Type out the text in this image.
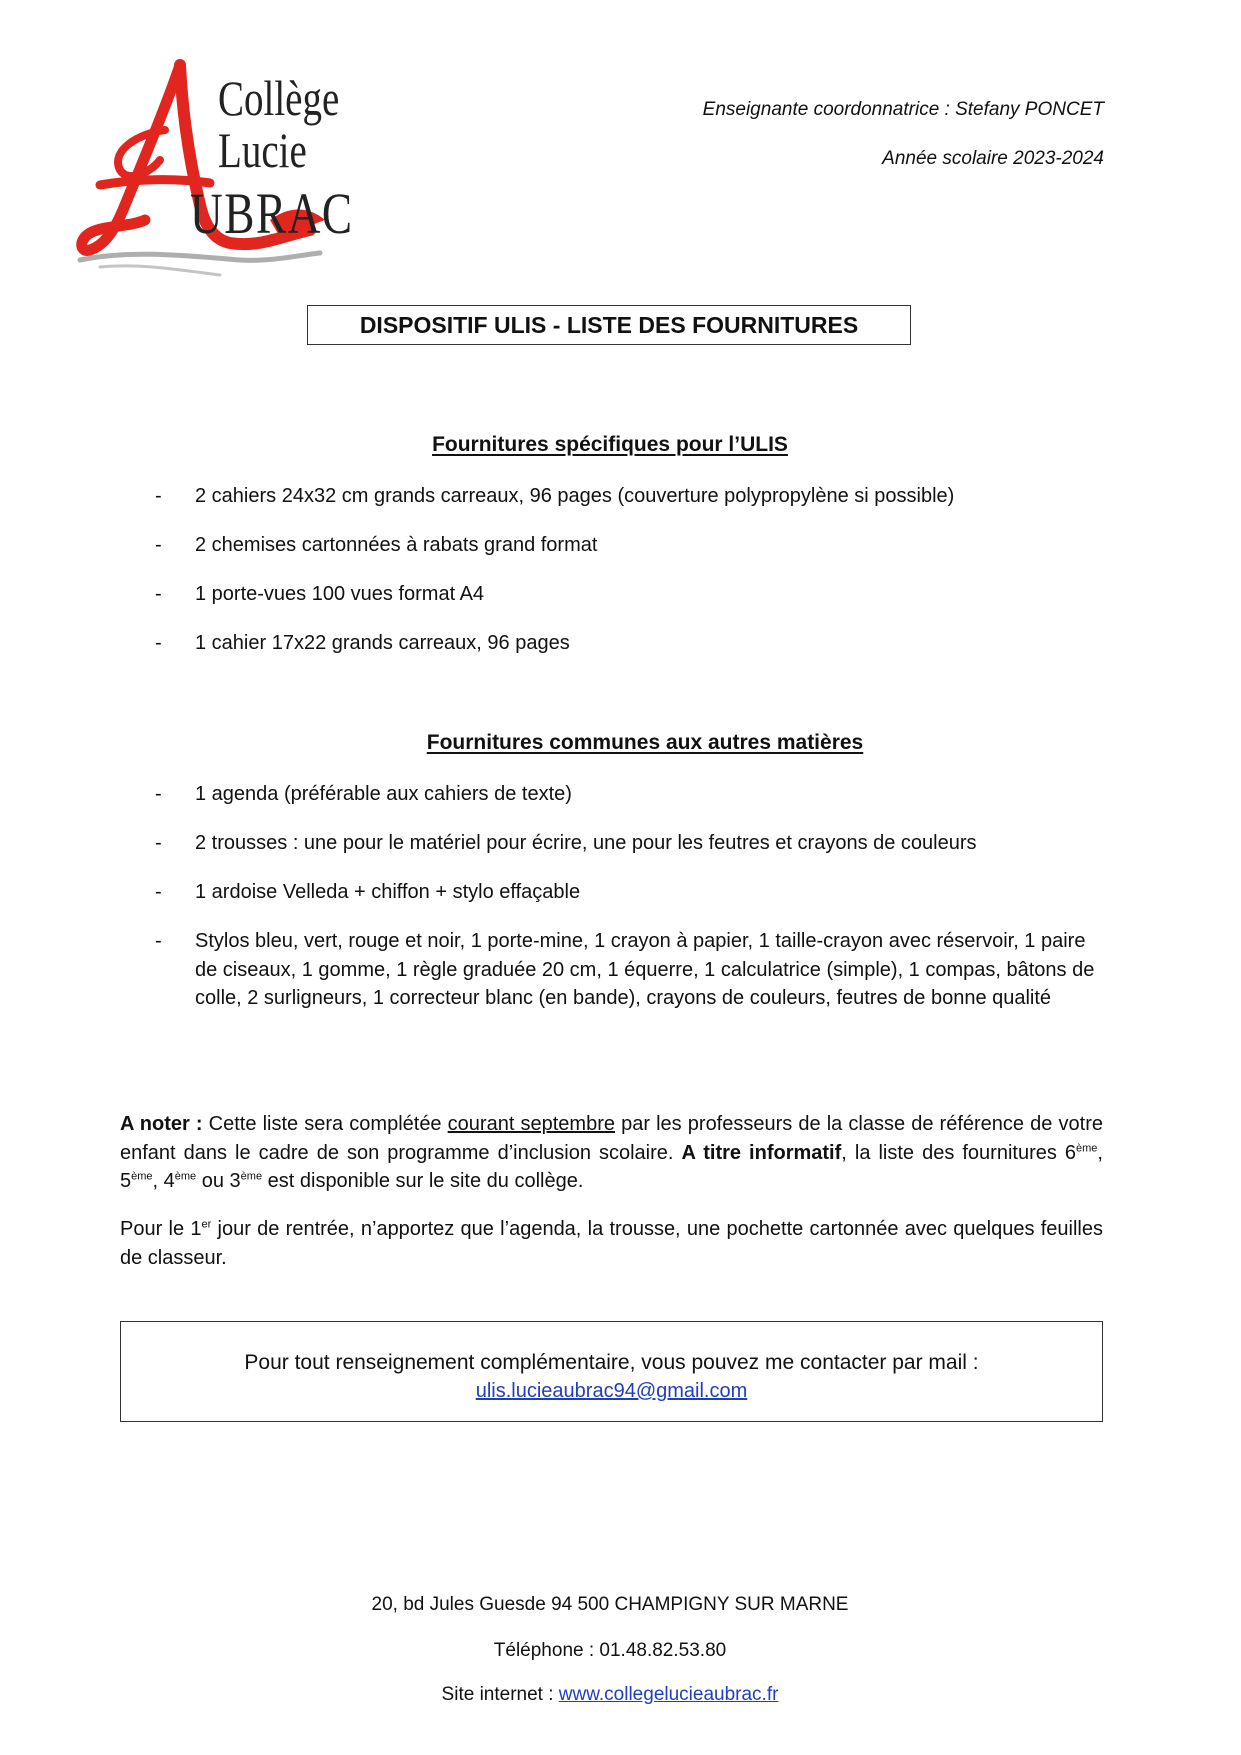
Collège
Lucie
UBRAC
Enseignante coordonnatrice : Stefany PONCET
Année scolaire 2023-2024
DISPOSITIF ULIS - LISTE DES FOURNITURES
Fournitures spécifiques pour l’ULIS
- 2 cahiers 24x32 cm grands carreaux, 96 pages (couverture polypropylène si possible)
- 2 chemises cartonnées à rabats grand format
- 1 porte-vues 100 vues format A4
- 1 cahier 17x22 grands carreaux, 96 pages
Fournitures communes aux autres matières
- 1 agenda (préférable aux cahiers de texte)
- 2 trousses : une pour le matériel pour écrire, une pour les feutres et crayons de couleurs
- 1 ardoise Velleda + chiffon + stylo effaçable
- Stylos bleu, vert, rouge et noir, 1 porte-mine, 1 crayon à papier, 1 taille-crayon avec réservoir, 1 paire de ciseaux, 1 gomme, 1 règle graduée 20 cm, 1 équerre, 1 calculatrice (simple), 1 compas, bâtons de colle, 2 surligneurs, 1 correcteur blanc (en bande), crayons de couleurs, feutres de bonne qualité
A noter : Cette liste sera complétée courant septembre par les professeurs de la classe de référence de votre enfant dans le cadre de son programme d’inclusion scolaire. A titre informatif, la liste des fournitures 6ème, 5ème, 4ème ou 3ème est disponible sur le site du collège.
Pour le 1er jour de rentrée, n’apportez que l’agenda, la trousse, une pochette cartonnée avec quelques feuilles de classeur.
Pour tout renseignement complémentaire, vous pouvez me contacter par mail :
ulis.lucieaubrac94@gmail.com
20, bd Jules Guesde 94 500 CHAMPIGNY SUR MARNE
Téléphone : 01.48.82.53.80
Site internet : www.collegelucieaubrac.fr
